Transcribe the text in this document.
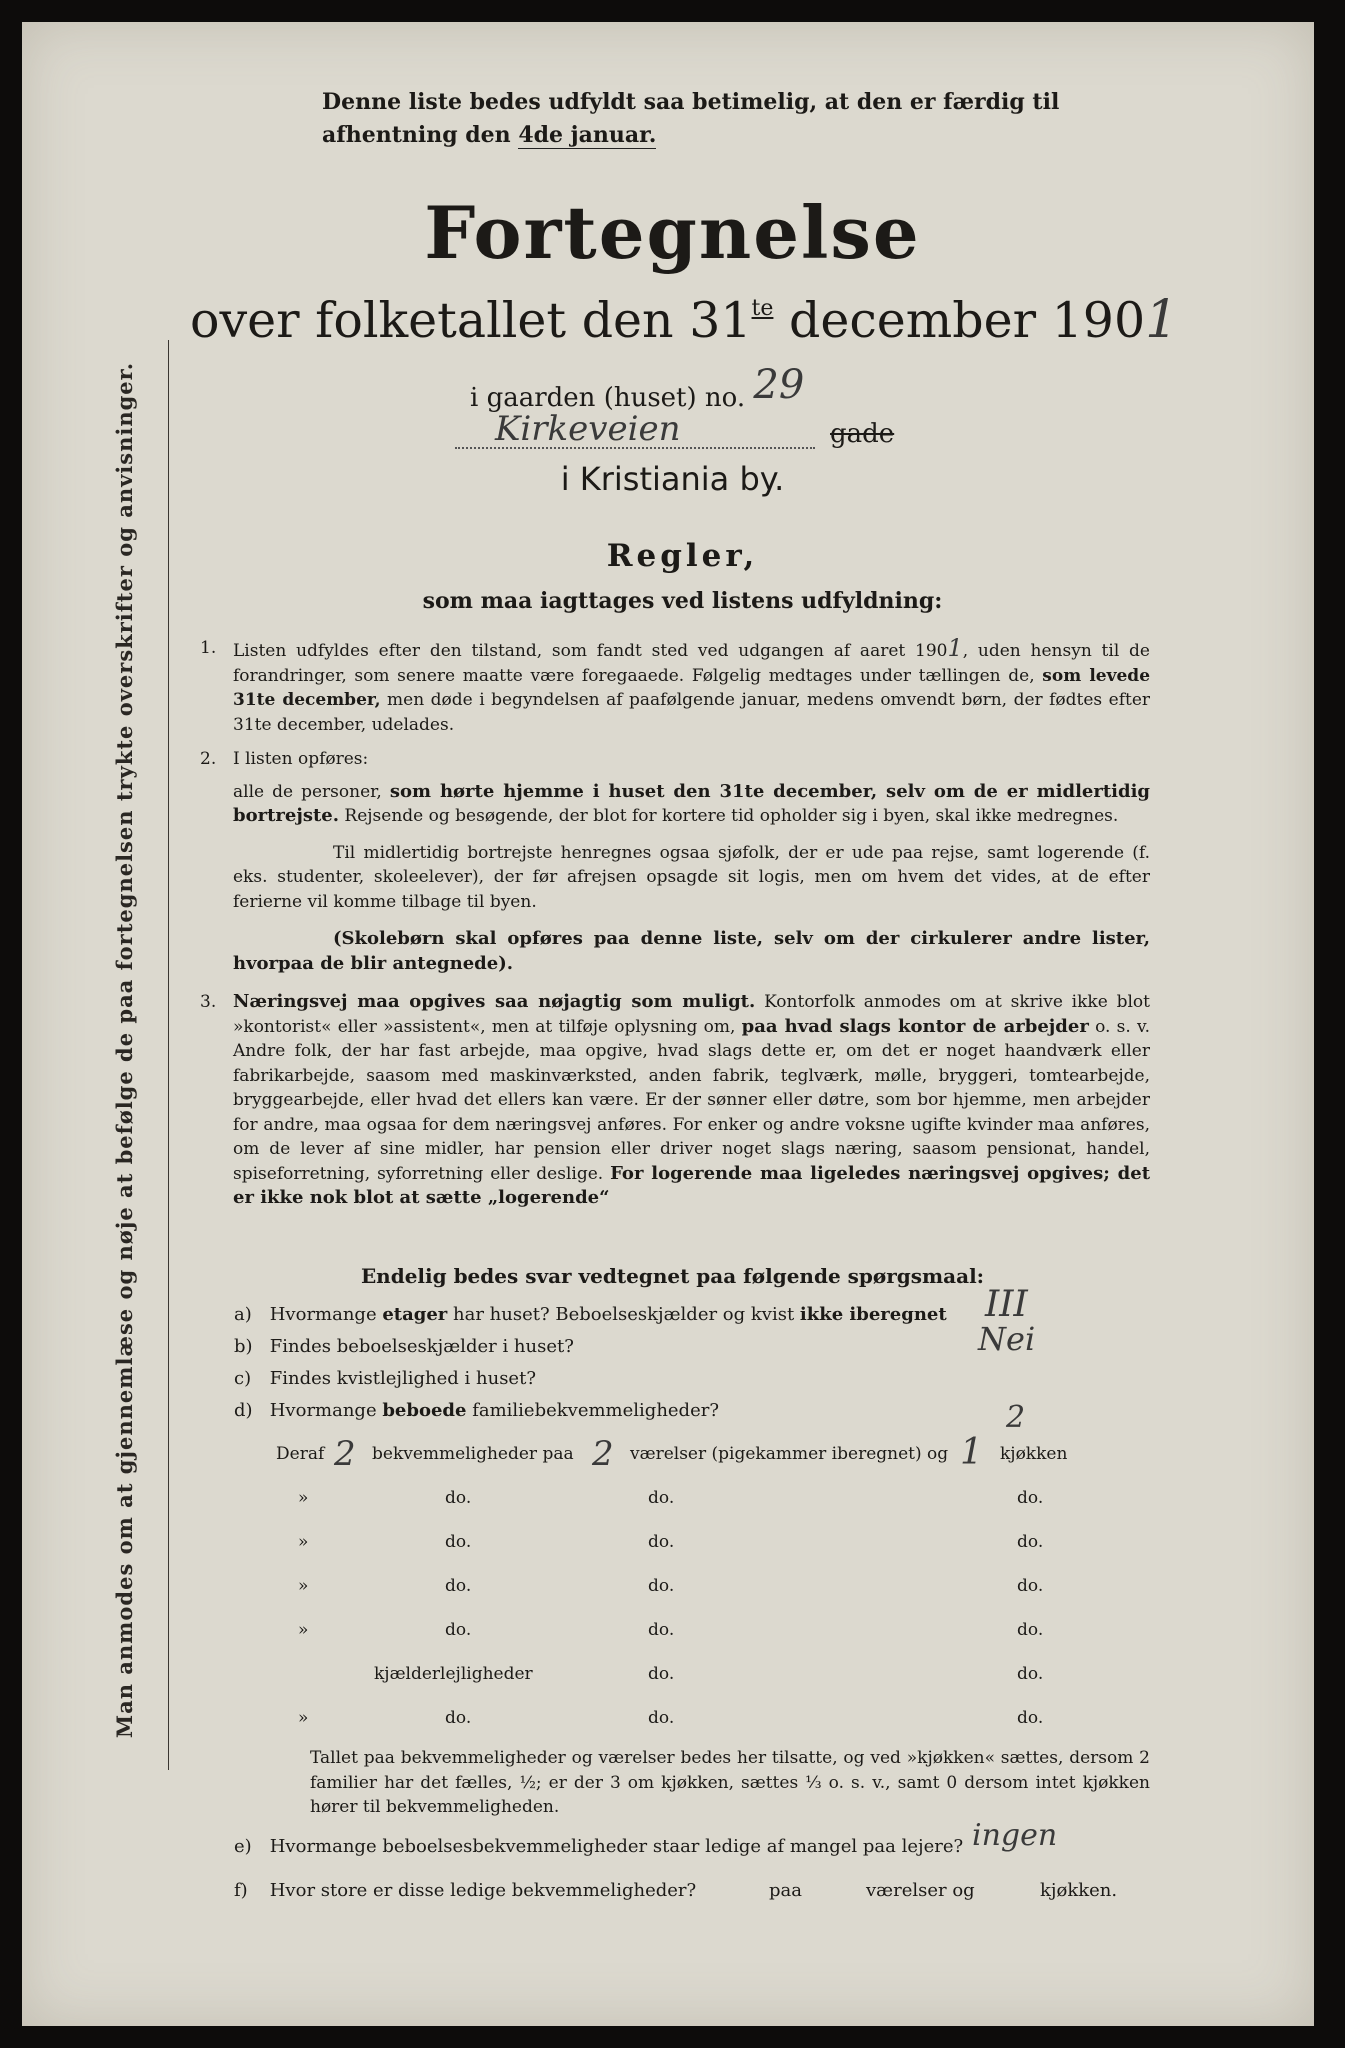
Man anmodes om at gjennemlæse og nøje at befølge de paa fortegnelsen trykte overskrifter og anvisninger.
Denne liste bedes udfyldt saa betimelig, at den er færdig til
afhentning den 4de januar.
Fortegnelse
over folketallet den $31^{te}$ december 1901
i gaarden (huset) no. 29
Kirkeveien	gade
i Kristiania by.
Regler,
som maa iagttages ved listens udfyldning:
1. Listen udfyldes efter den tilstand, som fandt sted ved udgangen af aaret 1901, uden hensyn til de forandringer, som senere maatte være foregaaede. Følgelig medtages under tællingen de, som levede 31te december, men døde i begyndelsen af paafølgende januar, medens omvendt børn, der fødtes efter 31te december, udelades.

2. I listen opføres:

alle de personer, som hørte hjemme i huset den 31te december, selv om de er midlertidig bortrejste. Rejsende og besøgende, der blot for kortere tid opholder sig i byen, skal ikke medregnes.

Til midlertidig bortrejste henregnes ogsaa sjøfolk, der er ude paa rejse, samt logerende (f. eks. studenter, skoleelever), der før afrejsen opsagde sit logis, men om hvem det vides, at de efter ferierne vil komme tilbage til byen.

(Skolebørn skal opføres paa denne liste, selv om der cirkulerer andre lister, hvorpaa de blir antegnede).

3. Næringsvej maa opgives saa nøjagtig som muligt. Kontorfolk anmodes om at skrive ikke blot »kontorist« eller »assistent«, men at tilføje oplysning om, paa hvad slags kontor de arbejder o. s. v. Andre folk, der har fast arbejde, maa opgive, hvad slags dette er, om det er noget haandværk eller fabrikarbejde, saasom med maskinværksted, anden fabrik, teglværk, mølle, bryggeri, tomtearbejde, bryggearbejde, eller hvad det ellers kan være. Er der sønner eller døtre, som bor hjemme, men arbejder for andre, maa ogsaa for dem næringsvej anføres. For enker og andre voksne ugifte kvinder maa anføres, om de lever af sine midler, har pension eller driver noget slags næring, saasom pensionat, handel, spiseforretning, syforretning eller deslige. For logerende maa ligeledes næringsvej opgives; det er ikke nok blot at sætte „logerende“

Endelig bedes svar vedtegnet paa følgende spørgsmaal:
a) Hvormange etager har huset? Beboelseskjælder og kvist ikke iberegnet III
b) Findes beboelseskjælder i huset?	Nei
c) Findes kvistlejlighed i huset?
d) Hvormange beboede familiebekvemmeligheder?	2
Deraf 2 bekvemmeligheder paa 2 værelser (pigekammer iberegnet) og 1 kjøkken
»	do.	do.	do.
»	do.	do.	do.
»	do.	do.	do.
»	do.	do.	do.
kjælderlejligheder	do.	do.
»	do.	do.	do.
Tallet paa bekvemmeligheder og værelser bedes her tilsatte, og ved »kjøkken« sættes, dersom 2 familier har det fælles, ½; er der 3 om kjøkken, sættes ⅓ o. s. v., samt 0 dersom intet kjøkken hører til bekvemmeligheden.
e) Hvormange beboelsesbekvemmeligheder staar ledige af mangel paa lejere? ingen
f) Hvor store er disse ledige bekvemmeligheder?	paa	værelser og	kjøkken.
